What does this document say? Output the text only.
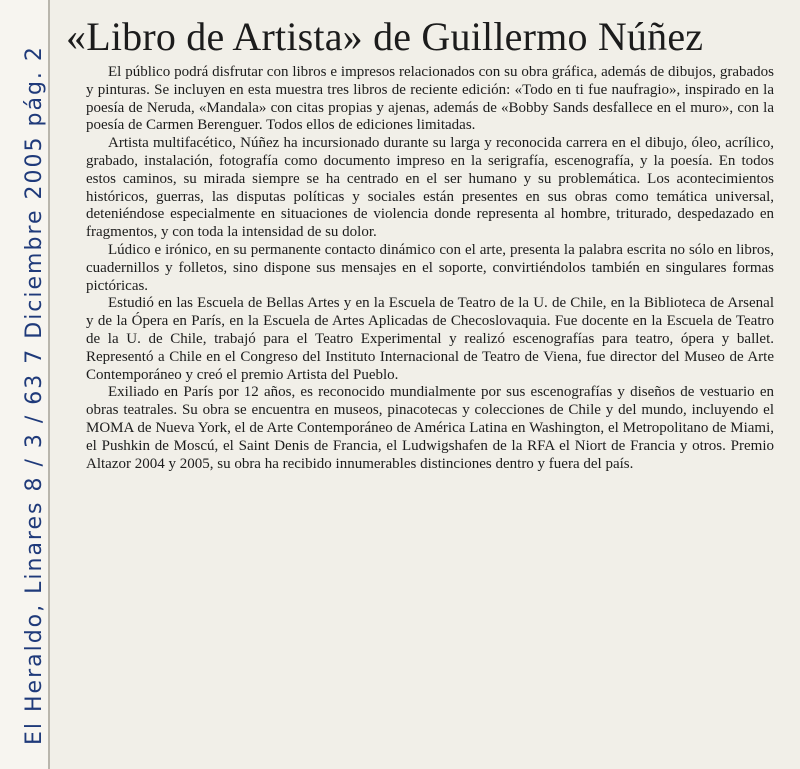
El Heraldo, Linares 8 / 3 / 63 7 Diciembre 2005 pág. 2
«Libro de Artista» de Guillermo Núñez

El público podrá disfrutar con libros e impresos relacionados con su obra gráfica, además de dibujos, grabados y pinturas. Se incluyen en esta muestra tres libros de reciente edición: «Todo en ti fue naufragio», inspirado en la poesía de Neruda, «Mandala» con citas propias y ajenas, además de «Bobby Sands desfallece en el muro», con la poesía de Carmen Berenguer. Todos ellos de ediciones limitadas.

Artista multifacético, Núñez ha incursionado durante su larga y reconocida carrera en el dibujo, óleo, acrílico, grabado, instalación, fotografía como documento impreso en la serigrafía, escenografía, y la poesía. En todos estos caminos, su mirada siempre se ha centrado en el ser humano y su problemática. Los acontecimientos históricos, guerras, las disputas políticas y sociales están presentes en sus obras como temática universal, deteniéndose especialmente en situaciones de violencia donde representa al hombre, triturado, despedazado en fragmentos, y con toda la intensidad de su dolor.

Lúdico e irónico, en su permanente contacto dinámico con el arte, presenta la palabra escrita no sólo en libros, cuadernillos y folletos, sino dispone sus mensajes en el soporte, convirtiéndolos también en singulares formas pictóricas.

Estudió en las Escuela de Bellas Artes y en la Escuela de Teatro de la U. de Chile, en la Biblioteca de Arsenal y de la Ópera en París, en la Escuela de Artes Aplicadas de Checoslovaquia. Fue docente en la Escuela de Teatro de la U. de Chile, trabajó para el Teatro Experimental y realizó escenografías para teatro, ópera y ballet. Representó a Chile en el Congreso del Instituto Internacional de Teatro de Viena, fue director del Museo de Arte Contemporáneo y creó el premio Artista del Pueblo.

Exiliado en París por 12 años, es reconocido mundialmente por sus escenografías y diseños de vestuario en obras teatrales. Su obra se encuentra en museos, pinacotecas y colecciones de Chile y del mundo, incluyendo el MOMA de Nueva York, el de Arte Contemporáneo de América Latina en Washington, el Metropolitano de Miami, el Pushkin de Moscú, el Saint Denis de Francia, el Ludwigshafen de la RFA el Niort de Francia y otros. Premio Altazor 2004 y 2005, su obra ha recibido innumerables distinciones dentro y fuera del país.
